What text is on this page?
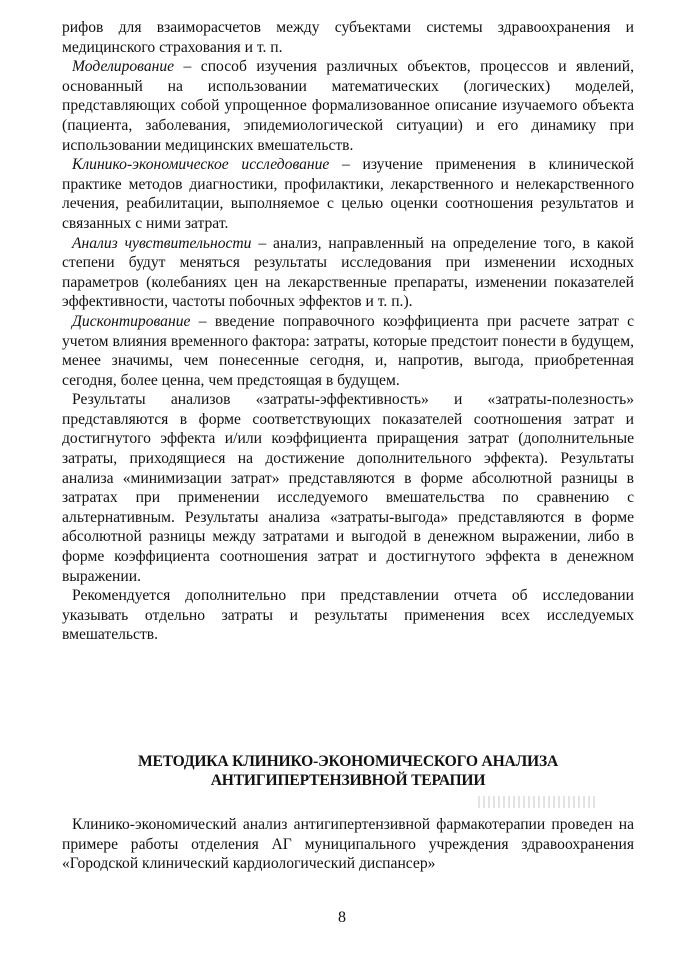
рифов для взаиморасчетов между субъектами системы здравоохранения и медицинского страхования и т. п.

Моделирование – способ изучения различных объектов, процессов и явлений, основанный на использовании математических (логических) моделей, представляющих собой упрощенное формализованное описание изучаемого объекта (пациента, заболевания, эпидемиологической ситуации) и его динамику при использовании медицинских вмешательств.

Клинико-экономическое исследование – изучение применения в клинической практике методов диагностики, профилактики, лекарственного и нелекарственного лечения, реабилитации, выполняемое с целью оценки соотношения результатов и связанных с ними затрат.

Анализ чувствительности – анализ, направленный на определение того, в какой степени будут меняться результаты исследования при изменении исходных параметров (колебаниях цен на лекарственные препараты, изменении показателей эффективности, частоты побочных эффектов и т. п.).

Дисконтирование – введение поправочного коэффициента при расчете затрат с учетом влияния временного фактора: затраты, которые предстоит понести в будущем, менее значимы, чем понесенные сегодня, и, напротив, выгода, приобретенная сегодня, более ценна, чем предстоящая в будущем.

Результаты анализов «затраты-эффективность» и «затраты-полезность» представляются в форме соответствующих показателей соотношения затрат и достигнутого эффекта и/или коэффициента приращения затрат (дополнительные затраты, приходящиеся на достижение дополнительного эффекта). Результаты анализа «минимизации затрат» представляются в форме абсолютной разницы в затратах при применении исследуемого вмешательства по сравнению с альтернативным. Результаты анализа «затраты-выгода» представляются в форме абсолютной разницы между затратами и выгодой в денежном выражении, либо в форме коэффициента соотношения затрат и достигнутого эффекта в денежном выражении.

Рекомендуется дополнительно при представлении отчета об исследовании указывать отдельно затраты и результаты применения всех исследуемых вмешательств.

МЕТОДИКА КЛИНИКО-ЭКОНОМИЧЕСКОГО АНАЛИЗА
АНТИГИПЕРТЕНЗИВНОЙ ТЕРАПИИ

Клинико-экономический анализ антигипертензивной фармакотерапии проведен на примере работы отделения АГ муниципального учреждения здравоохранения «Городской клинический кардиологический диспансер»

8
